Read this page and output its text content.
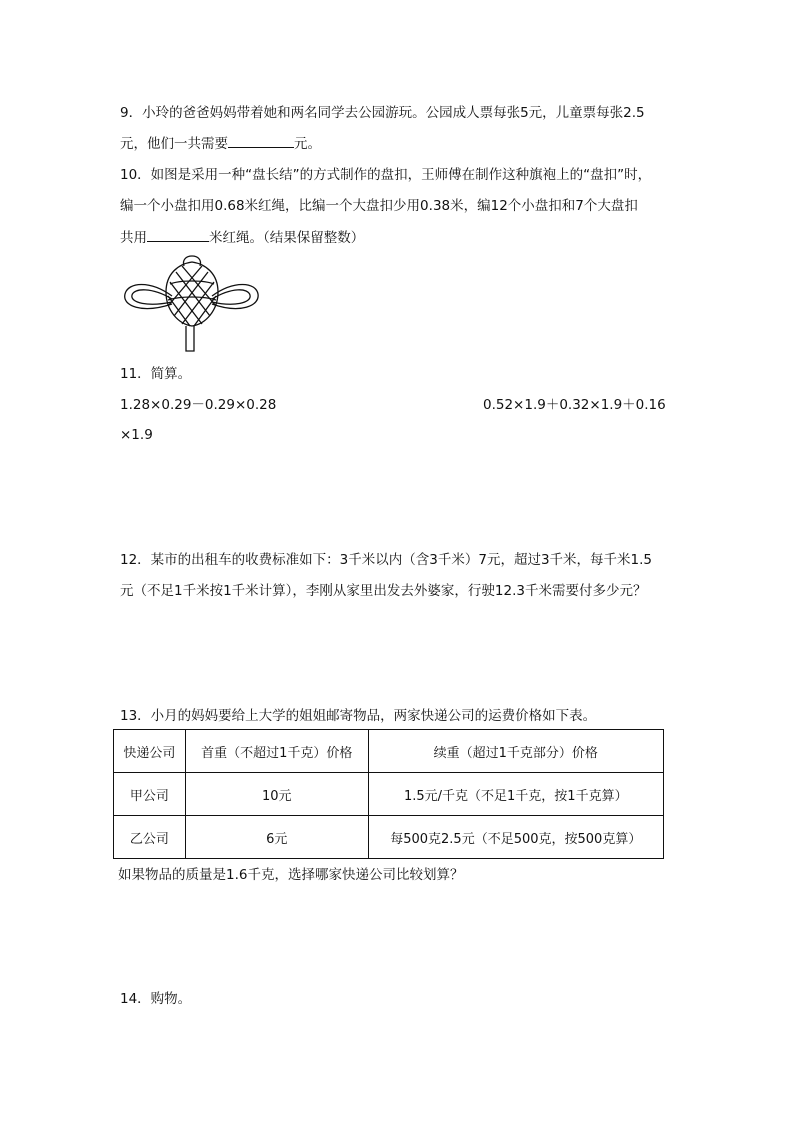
9．小玲的爸爸妈妈带着她和两名同学去公园游玩。公园成人票每张5元，儿童票每张2.5
元，他们一共需要	元。
10．如图是采用一种“盘长结”的方式制作的盘扣，王师傅在制作这种旗袍上的“盘扣”时，
编一个小盘扣用0.68米红绳，比编一个大盘扣少用0.38米，编12个小盘扣和7个大盘扣
共用	米红绳。（结果保留整数）
11．简算。
1.28×0.29－0.29×0.28	0.52×1.9＋0.32×1.9＋0.16
×1.9
12．某市的出租车的收费标准如下：3千米以内（含3千米）7元，超过3千米，每千米1.5
元（不足1千米按1千米计算），李刚从家里出发去外婆家，行驶12.3千米需要付多少元？
13．小月的妈妈要给上大学的姐姐邮寄物品，两家快递公司的运费价格如下表。
快递公司	首重（不超过1千克）价格	续重（超过1千克部分）价格
甲公司	10元	1.5元/千克（不足1千克，按1千克算）
乙公司	6元	每500克2.5元（不足500克，按500克算）
如果物品的质量是1.6千克，选择哪家快递公司比较划算？
14．购物。
